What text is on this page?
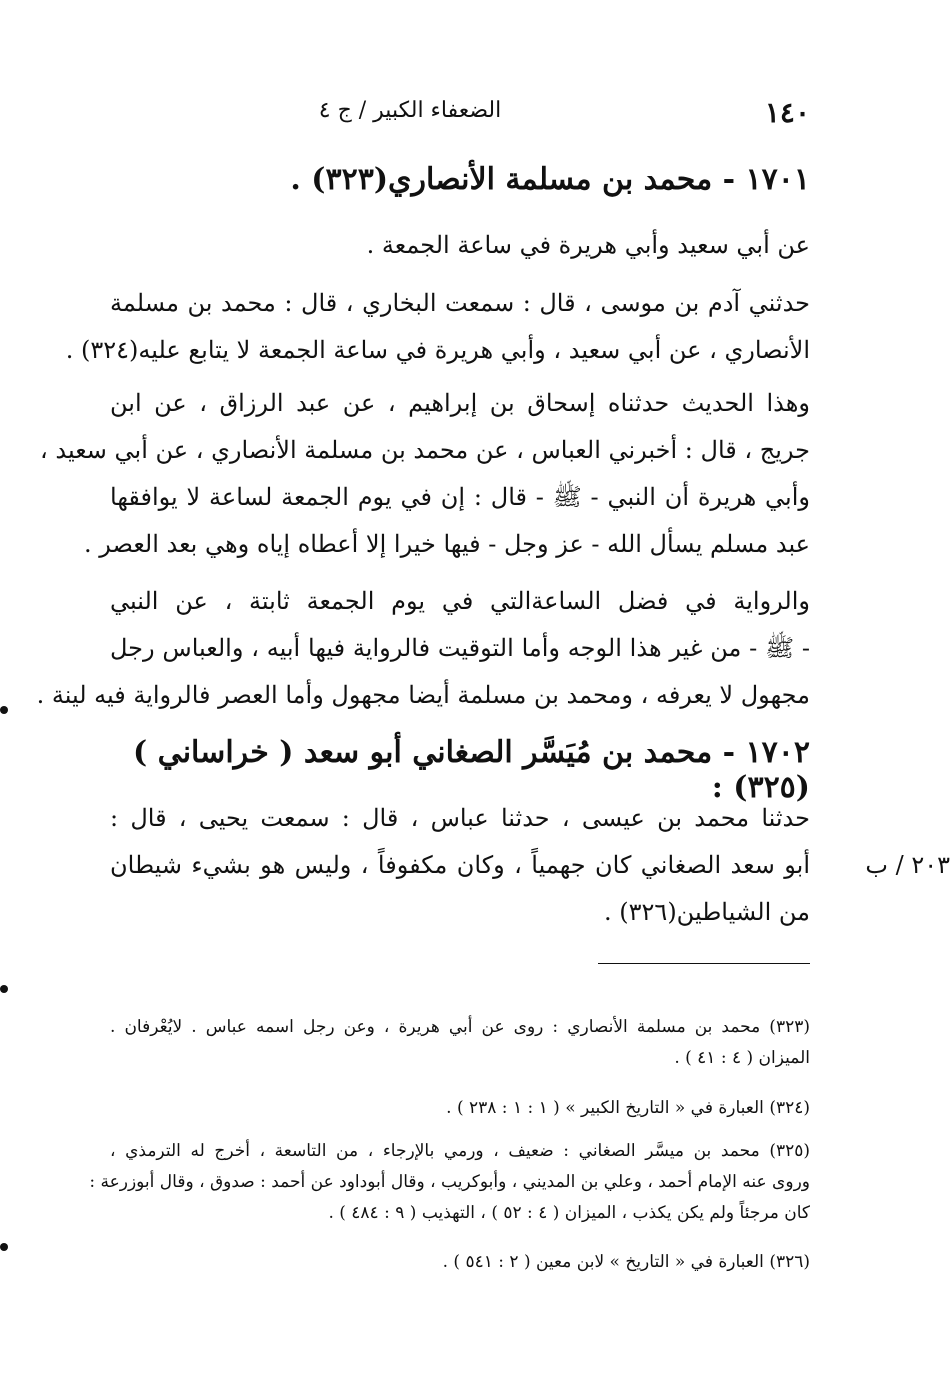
١٤٠
الضعفاء الكبير / ج ٤
١٧٠١ - محمد بن مسلمة الأنصاري(٣٢٣) .
عن أبي سعيد وأبي هريرة في ساعة الجمعة .
حدثني آدم بن موسى ، قال : سمعت البخاري ، قال : محمد بن مسلمة
الأنصاري ، عن أبي سعيد ، وأبي هريرة في ساعة الجمعة لا يتابع عليه(٣٢٤) .
وهذا الحديث حدثناه إسحاق بن إبراهيم ، عن عبد الرزاق ، عن ابن
جريج ، قال : أخبرني العباس ، عن محمد بن مسلمة الأنصاري ، عن أبي سعيد ،
وأبي هريرة أن النبي - ﷺ - قال : إن في يوم الجمعة لساعة لا يوافقها
عبد مسلم يسأل الله - عز وجل - فيها خيرا إلا أعطاه إياه وهي بعد العصر .
والرواية في فضل الساعةالتي في يوم الجمعة ثابتة ، عن النبي
- ﷺ - من غير هذا الوجه وأما التوقيت فالرواية فيها أبيه ، والعباس رجل
مجهول لا يعرفه ، ومحمد بن مسلمة أيضا مجهول وأما العصر فالرواية فيه لينة .
١٧٠٢ - محمد بن مُيَسَّر الصغاني أبو سعد ( خراساني )(٣٢٥) :
حدثنا محمد بن عيسى ، حدثنا عباس ، قال : سمعت يحيى ، قال :
أبو سعد الصغاني كان جهمياً ، وكان مكفوفاً ، وليس هو بشيء شيطان
من الشياطين(٣٢٦) .
٢٠٣ / ب
(٣٢٣) محمد بن مسلمة الأنصاري : روى عن أبي هريرة ، وعن رجل اسمه عباس . لايُعْرفان .
الميزان ( ٤ : ٤١ ) .
(٣٢٤) العبارة في « التاريخ الكبير » ( ١ : ١ : ٢٣٨ ) .
(٣٢٥) محمد بن ميسَّر الصغاني : ضعيف ، ورمي بالإرجاء ، من التاسعة ، أخرج له الترمذي ،
وروى عنه الإمام أحمد ، وعلي بن المديني ، وأبوكريب ، وقال أبوداود عن أحمد : صدوق ، وقال أبوزرعة :
كان مرجئاً ولم يكن يكذب ، الميزان ( ٤ : ٥٢ ) ، التهذيب ( ٩ : ٤٨٤ ) .
(٣٢٦) العبارة في « التاريخ » لابن معين ( ٢ : ٥٤١ ) .
